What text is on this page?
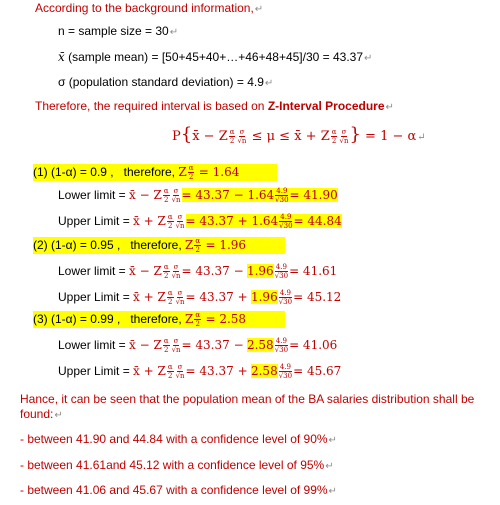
According to the background information,↵
n = sample size = 30↵
x̄ (sample mean) = [50+45+40+…+46+48+45]/30 = 43.37↵
σ (population standard deviation) = 4.9↵
Therefore, the required interval is based on Z-Interval Procedure↵
P{x̄ − Z $\frac{\alpha}{2} \frac{\sigma}{√n} \le \mu$ ≤ x̄ + Z $\frac{\alpha}{2} \frac{\sigma}{√n}$ } = 1 − α↵
(1) (1-α) = 0.9 , therefore, Z $\frac{\alpha}{2} = 1.64$
Lower limit = x̄ − Z $\frac{\alpha}{2} \frac{\sigma}{√n} = 43.37 - 1.64 \frac{4.9}{√30} = 41.90$
Upper Limit = x̄ + Z $\frac{\alpha}{2} \frac{\sigma}{√n} = 43.37 + 1.64 \frac{4.9}{√30} = 44.84$
(2) (1-α) = 0.95 , therefore, Z $\frac{\alpha}{2} = 1.96$
Lower limit = x̄ − Z $\frac{\alpha}{2} \frac{\sigma}{√n} = 43.37 - 1.96 \frac{4.9}{√30} = 41.61$
Upper Limit = x̄ + Z $\frac{\alpha}{2} \frac{\sigma}{√n} = 43.37 + 1.96 \frac{4.9}{√30} = 45.12$
(3) (1-α) = 0.99 , therefore, Z $\frac{\alpha}{2} = 2.58$
Lower limit = x̄ − Z $\frac{\alpha}{2} \frac{\sigma}{√n} = 43.37 - 2.58 \frac{4.9}{√30} = 41.06$
Upper Limit = x̄ + Z $\frac{\alpha}{2} \frac{\sigma}{√n} = 43.37 + 2.58 \frac{4.9}{√30} = 45.67$
Hance, it can be seen that the population mean of the BA salaries distribution shall be
found:↵
- between 41.90 and 44.84 with a confidence level of 90%↵
- between 41.61and 45.12 with a confidence level of 95%↵
- between 41.06 and 45.67 with a confidence level of 99%↵
